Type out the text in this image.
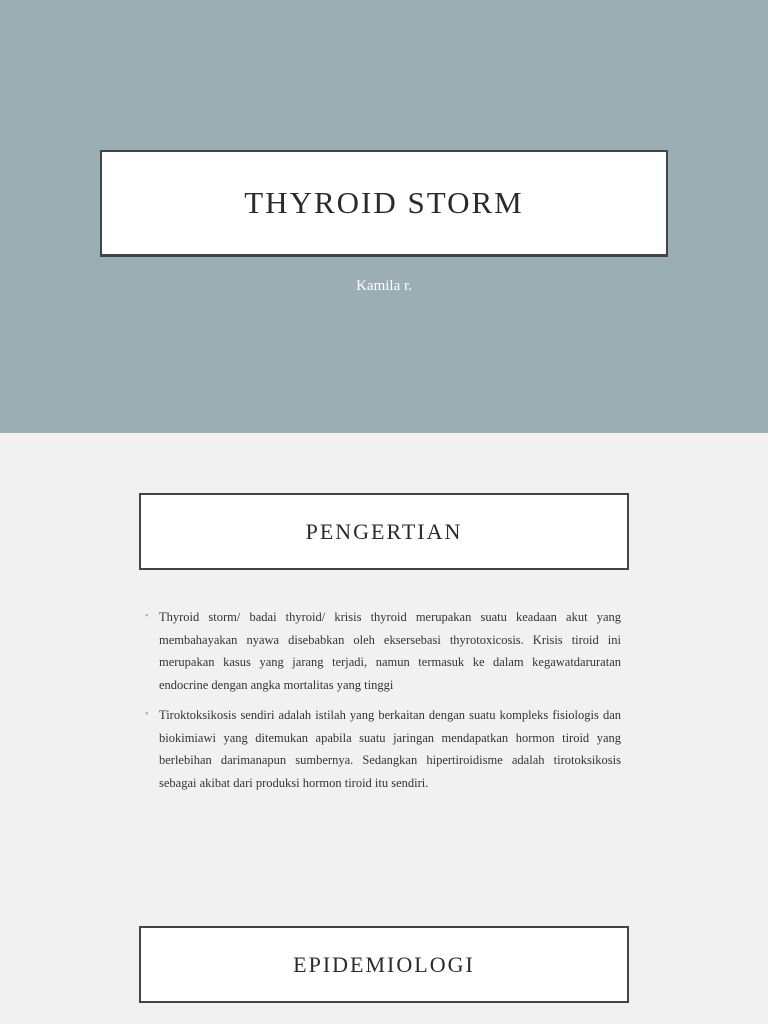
THYROID STORM
Kamila r.
PENGERTIAN
• Thyroid storm/ badai thyroid/ krisis thyroid merupakan suatu keadaan akut yang membahayakan nyawa disebabkan oleh eksersebasi thyrotoxicosis. Krisis tiroid ini merupakan kasus yang jarang terjadi, namun termasuk ke dalam kegawatdaruratan endocrine dengan angka mortalitas yang tinggi
• Tiroktoksikosis sendiri adalah istilah yang berkaitan dengan suatu kompleks fisiologis dan biokimiawi yang ditemukan apabila suatu jaringan mendapatkan hormon tiroid yang berlebihan darimanapun sumbernya. Sedangkan hipertiroidisme adalah tirotoksikosis sebagai akibat dari produksi hormon tiroid itu sendiri.
EPIDEMIOLOGI
